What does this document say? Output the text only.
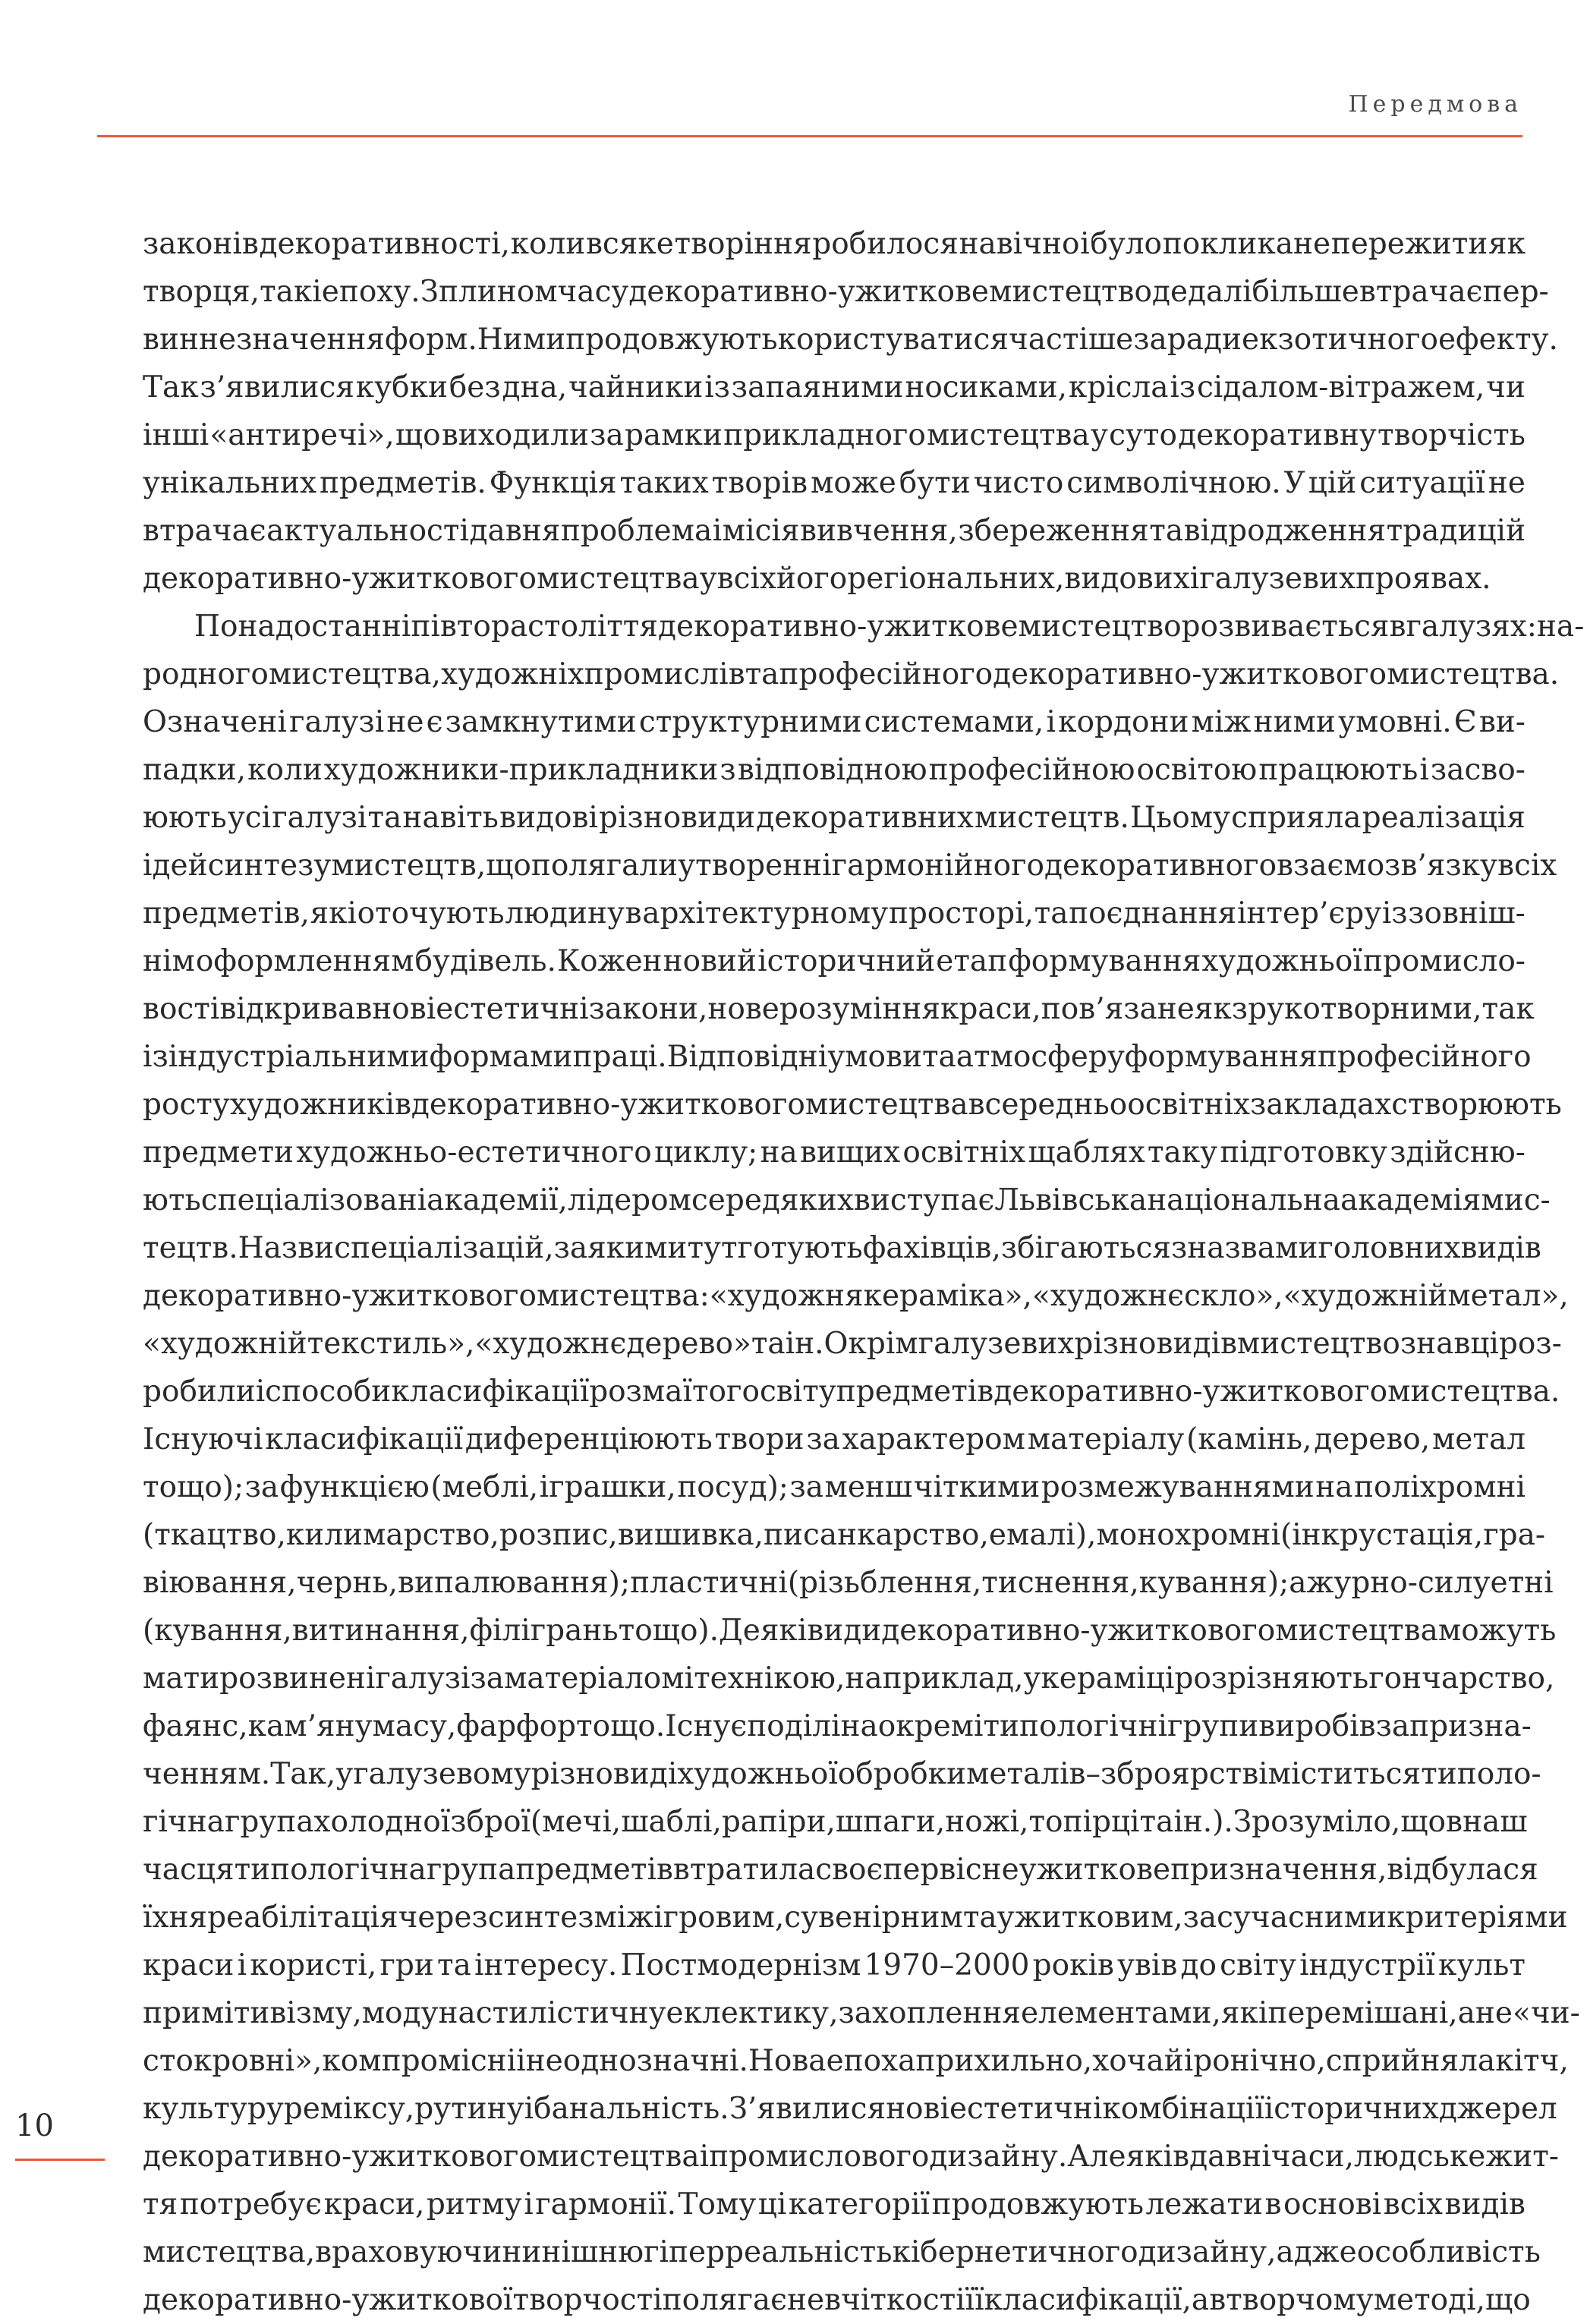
Передмова
законів декоративності, коли всяке творіння робилося навічно і було покликане пережити як
творця, так і епоху. З плином часу декоративно-ужиткове мистецтво дедалі більше втрачає пер-
винне значення форм. Ними продовжують користуватися частіше заради екзотичного ефекту.
Так з’явилися кубки без дна, чайники із запаяними носиками, крісла із сідалом-вітражем, чи
інші «антиречі», що виходили за рамки прикладного мистецтва у суто декоративну творчість
унікальних предметів. Функція таких творів може бути чисто символічною. У цій ситуації не
втрачає актуальності давня проблема і місія вивчення, збереження та відродження традицій
декоративно-ужиткового мистецтва у всіх його регіональних, видових і галузевих проявах.
Понад останні півтора століття декоративно-ужиткове мистецтво розвивається в галузях: на-
родного мистецтва, художніх промислів та професійного декоративно-ужиткового мистецтва.
Означені галузі не є замкнутими структурними системами, і кордони між ними умовні. Є ви-
падки, коли художники-прикладники з відповідною професійною освітою працюють і засво-
юють усі галузі та навіть видові різновиди декоративних мистецтв. Цьому сприяла реалізація
ідей синтезу мистецтв, що полягали у творенні гармонійного декоративного взаємозв’язку всіх
предметів, які оточують людину в архітектурному просторі, та поєднання інтер’єру із зовніш-
нім оформленням будівель. Кожен новий історичний етап формування художньої промисло-
вості відкривав нові естетичні закони, нове розуміння краси, пов’язане як з рукотворними, так
і з індустріальними формами праці. Відповідні умови та атмосферу формування професійного
росту художників декоративно-ужиткового мистецтва в середньоосвітніх закладах створюють
предмети художньо-естетичного циклу; на вищих освітніх щаблях таку підготовку здійсню-
ють спеціалізовані академії, лідером серед яких виступає Львівська національна академія мис-
тецтв. Назви спеціалізацій, за якими тут готують фахівців, збігаються з назвами головних видів
декоративно-ужиткового мистецтва: «художня кераміка», «художнє скло», «художній метал»,
«художній текстиль», «художнє дерево» та ін. Окрім галузевих різновидів мистецтвознавці роз-
робили і способи класифікації розмаїтого світу предметів декоративно-ужиткового мистецтва.
Існуючі класифікації диференціюють твори за характером матеріалу (камінь, дерево, метал
тощо); за функцією (меблі, іграшки, посуд); за менш чіткими розмежуваннями на поліхромні
(ткацтво, килимарство, розпис, вишивка, писанкарство, емалі), монохромні (інкрустація, гра-
віювання, чернь, випалювання); пластичні (різьблення, тиснення, кування); ажурно-силуетні
(кування, витинання, філігрань тощо). Деякі види декоративно-ужиткового мистецтва можуть
мати розвинені галузі за матеріалом і технікою, наприклад, у кераміці розрізняють гончарство,
фаянс, кам’яну масу, фарфор тощо. Існує поділ і на окремі типологічні групи виробів за призна-
ченням. Так, у галузевому різновиді художньої обробки металів – зброярстві міститься типоло-
гічна група холодної зброї (мечі, шаблі, рапіри, шпаги, ножі, топірці та ін.). Зрозуміло, що в наш
час ця типологічна група предметів втратила своє первісне ужиткове призначення, відбулася
їхня реабілітація через синтез між ігровим, сувенірним та ужитковим, за сучасними критеріями
краси і користі, гри та інтересу. Постмодернізм 1970–2000 років увів до світу індустрії культ
примітивізму, моду на стилістичну еклектику, захоплення елементами, які перемішані, а не «чи-
стокровні», компромісні і неоднозначні. Нова епоха прихильно, хоча й іронічно, сприйняла кітч,
культуру реміксу, рутину і банальність. З’явилися нові естетичні комбінації історичних джерел
декоративно-ужиткового мистецтва і промислового дизайну. Але як і в давні часи, людське жит-
тя потребує краси, ритму і гармонії. Тому ці категорії продовжують лежати в основі всіх видів
мистецтва, враховуючи нинішню гіперреальність кібернетичного дизайну, адже особливість
декоративно-ужиткової творчості полягає не в чіткості її класифікації, а в творчому методі, що
10
